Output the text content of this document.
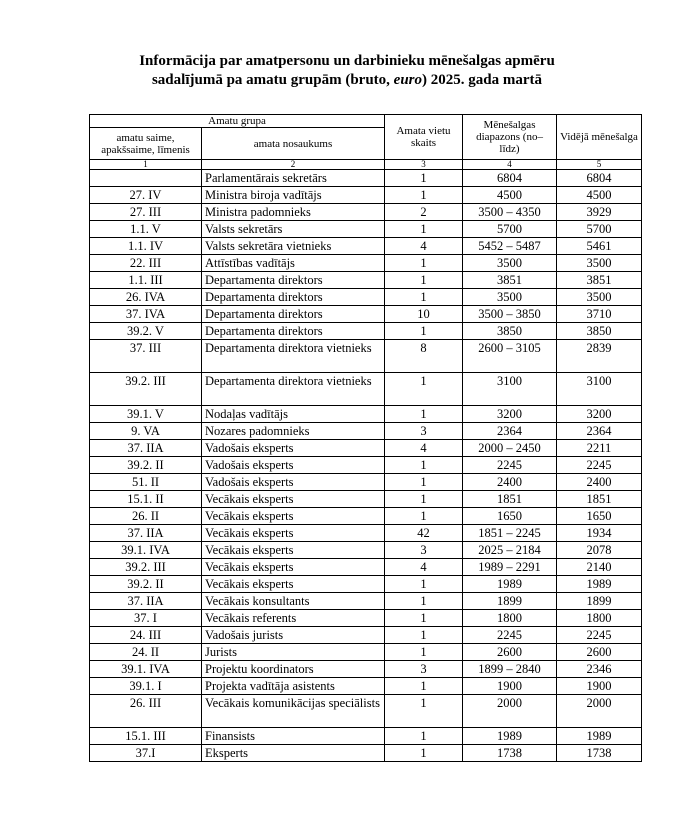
Informācija par amatpersonu un darbinieku mēnešalgas apmēru
sadalījumā pa amatu grupām (bruto, euro) 2025. gada martā
Amatu grupa		Amata vietu skaits	Mēnešalgas diapazons (no–līdz)	Vidējā mēnešalga
amatu saime, apakšsaime, līmenis	amata nosaukums			
1	2	3	4	5
	Parlamentārais sekretārs	1	6804	6804
27. IV	Ministra biroja vadītājs	1	4500	4500
27. III	Ministra padomnieks	2	3500 – 4350	3929
1.1. V	Valsts sekretārs	1	5700	5700
1.1. IV	Valsts sekretāra vietnieks	4	5452 – 5487	5461
22. III	Attīstības vadītājs	1	3500	3500
1.1. III	Departamenta direktors	1	3851	3851
26. IVA	Departamenta direktors	1	3500	3500
37. IVA	Departamenta direktors	10	3500 – 3850	3710
39.2. V	Departamenta direktors	1	3850	3850
37. III	Departamenta direktora vietnieks	8	2600 – 3105	2839
39.2. III	Departamenta direktora vietnieks	1	3100	3100
39.1. V	Nodaļas vadītājs	1	3200	3200
9. VA	Nozares padomnieks	3	2364	2364
37. IIA	Vadošais eksperts	4	2000 – 2450	2211
39.2. II	Vadošais eksperts	1	2245	2245
51. II	Vadošais eksperts	1	2400	2400
15.1. II	Vecākais eksperts	1	1851	1851
26. II	Vecākais eksperts	1	1650	1650
37. IIA	Vecākais eksperts	42	1851 – 2245	1934
39.1. IVA	Vecākais eksperts	3	2025 – 2184	2078
39.2. III	Vecākais eksperts	4	1989 – 2291	2140
39.2. II	Vecākais eksperts	1	1989	1989
37. IIA	Vecākais konsultants	1	1899	1899
37. I	Vecākais referents	1	1800	1800
24. III	Vadošais jurists	1	2245	2245
24. II	Jurists	1	2600	2600
39.1. IVA	Projektu koordinators	3	1899 – 2840	2346
39.1. I	Projekta vadītāja asistents	1	1900	1900
26. III	Vecākais komunikācijas speciālists	1	2000	2000
15.1. III	Finansists	1	1989	1989
37.I	Eksperts	1	1738	1738
